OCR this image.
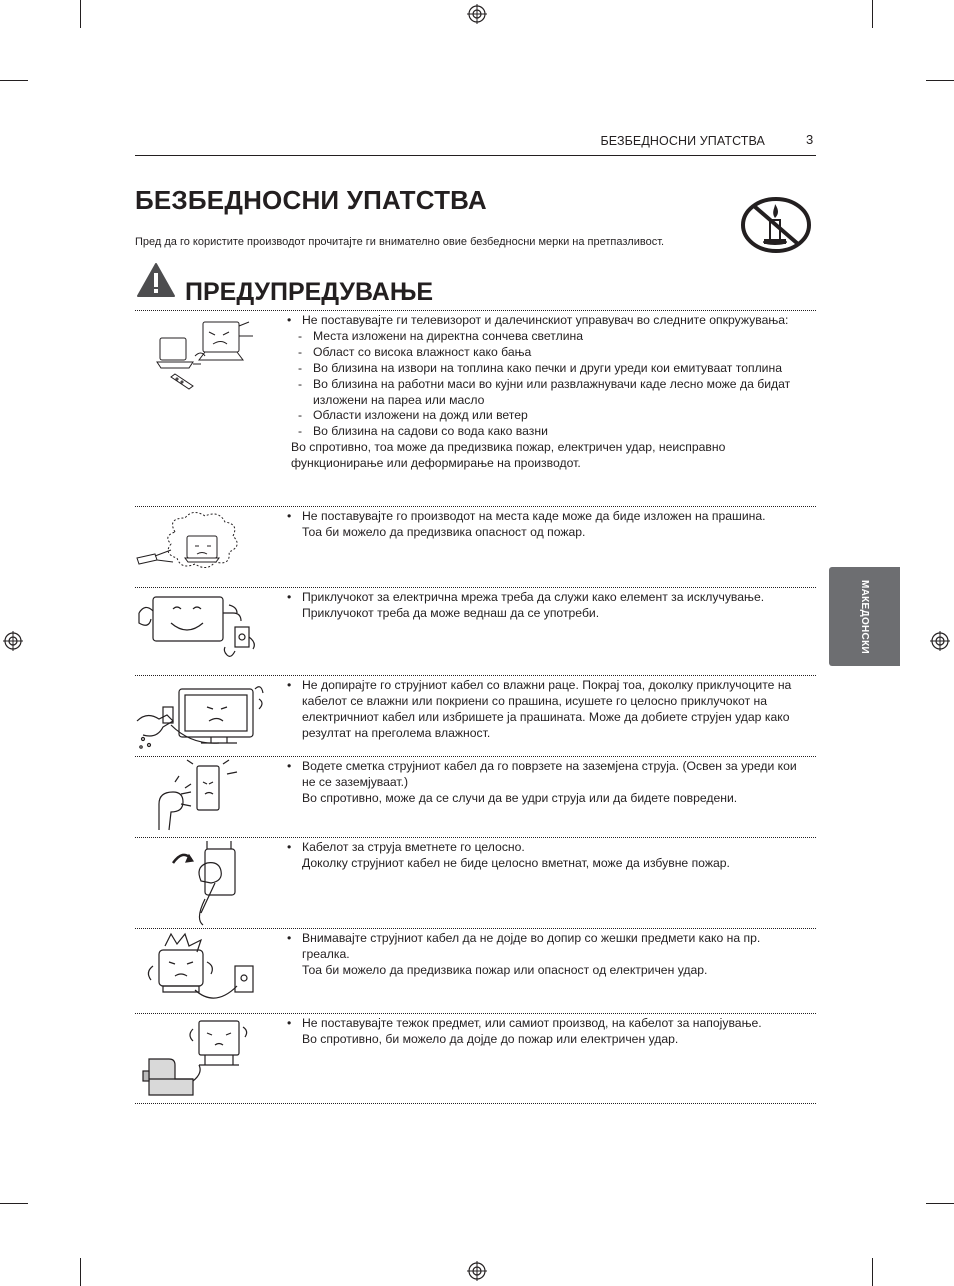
БЕЗБЕДНОСНИ УПАТСТВА	3
БЕЗБЕДНОСНИ УПАТСТВА
Пред да го користите производот прочитајте ги внимателно овие безбедносни мерки на претпазливост.
ПРЕДУПРЕДУВАЊЕ
МАКЕДОНСКИ

• Не поставувајте ги телевизорот и далечинскиот управувач во следните опкружувања:

- Места изложени на директна сончева светлина

- Област со висока влажност како бања

- Во близина на извори на топлина како печки и други уреди кои емитуваат топлина

- Во близина на работни маси во кујни или развлажнувачи каде лесно може да бидат изложени на пареа или масло

- Области изложени на дожд или ветер

- Во близина на садови со вода како вазни

Во спротивно, тоа може да предизвика пожар, електричен удар, неисправно функционирање или деформирање на производот.

• Не поставувајте го производот на места каде може да биде изложен на прашина.

Тоа би можело да предизвика опасност од пожар.

• Приклучокот за електрична мрежа треба да служи како елемент за исклучување. Приклучокот треба да може веднаш да се употреби.

• Не допирајте го струјниот кабел со влажни раце. Покрај тоа, доколку приклучоците на кабелот се влажни или покриени со прашина, исушете го целосно приклучокот на електричниот кабел или избришете ја прашината. Може да добиете струјен удар како резултат на преголема влажност.

• Водете сметка струјниот кабел да го поврзете на заземјена струја. (Освен за уреди кои не се заземјуваат.)

Во спротивно, може да се случи да ве удри струја или да бидете повредени.

• Кабелот за струја вметнете го целосно.

Доколку струјниот кабел не биде целосно вметнат, може да избувне пожар.

• Внимавајте струјниот кабел да не дојде во допир со жешки предмети како на пр. греалка.

Тоа би можело да предизвика пожар или опасност од електричен удар.

• Не поставувајте тежок предмет, или самиот производ, на кабелот за напојување.

Во спротивно, би можело да дојде до пожар или електричен удар.
